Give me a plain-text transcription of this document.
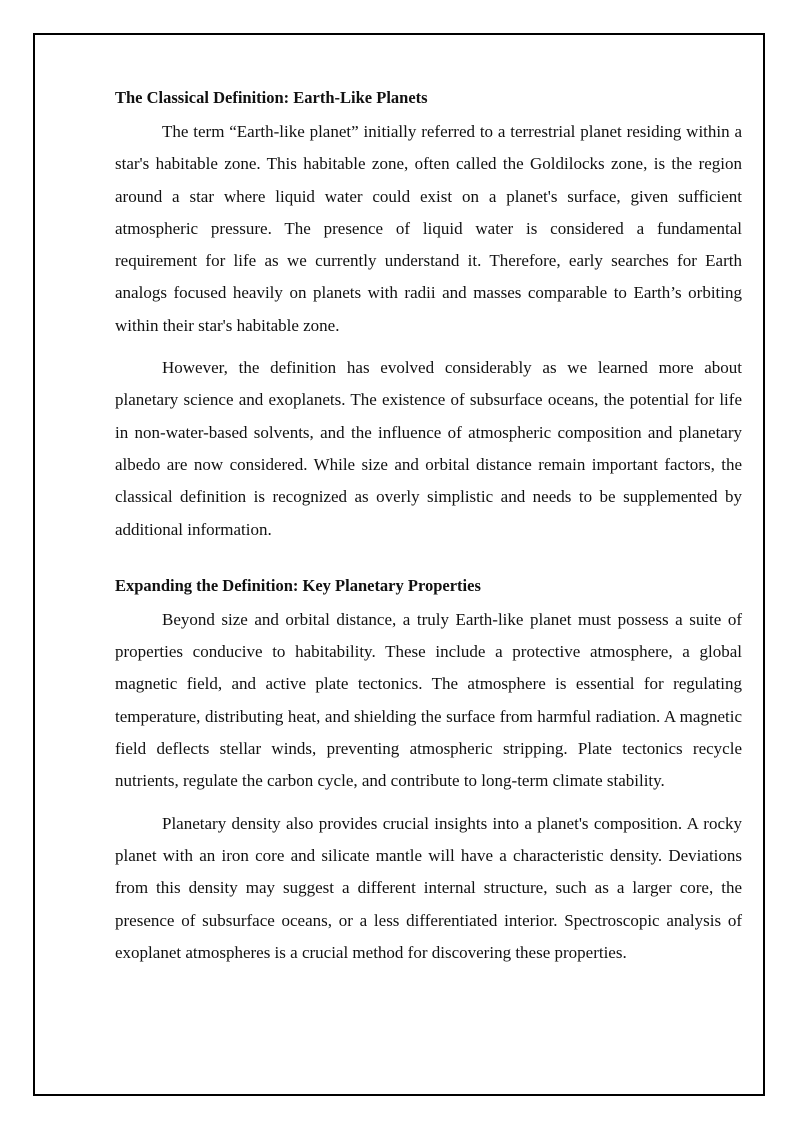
The Classical Definition: Earth-Like Planets

The term “Earth-like planet” initially referred to a terrestrial planet residing within a star's habitable zone. This habitable zone, often called the Goldilocks zone, is the region around a star where liquid water could exist on a planet's surface, given sufficient atmospheric pressure. The presence of liquid water is considered a fundamental requirement for life as we currently understand it. Therefore, early searches for Earth analogs focused heavily on planets with radii and masses comparable to Earth’s orbiting within their star's habitable zone.

However, the definition has evolved considerably as we learned more about planetary science and exoplanets. The existence of subsurface oceans, the potential for life in non-water-based solvents, and the influence of atmospheric composition and planetary albedo are now considered. While size and orbital distance remain important factors, the classical definition is recognized as overly simplistic and needs to be supplemented by additional information.

Expanding the Definition: Key Planetary Properties

Beyond size and orbital distance, a truly Earth-like planet must possess a suite of properties conducive to habitability. These include a protective atmosphere, a global magnetic field, and active plate tectonics. The atmosphere is essential for regulating temperature, distributing heat, and shielding the surface from harmful radiation. A magnetic field deflects stellar winds, preventing atmospheric stripping. Plate tectonics recycle nutrients, regulate the carbon cycle, and contribute to long-term climate stability.

Planetary density also provides crucial insights into a planet's composition. A rocky planet with an iron core and silicate mantle will have a characteristic density. Deviations from this density may suggest a different internal structure, such as a larger core, the presence of subsurface oceans, or a less differentiated interior. Spectroscopic analysis of exoplanet atmospheres is a crucial method for discovering these properties.
